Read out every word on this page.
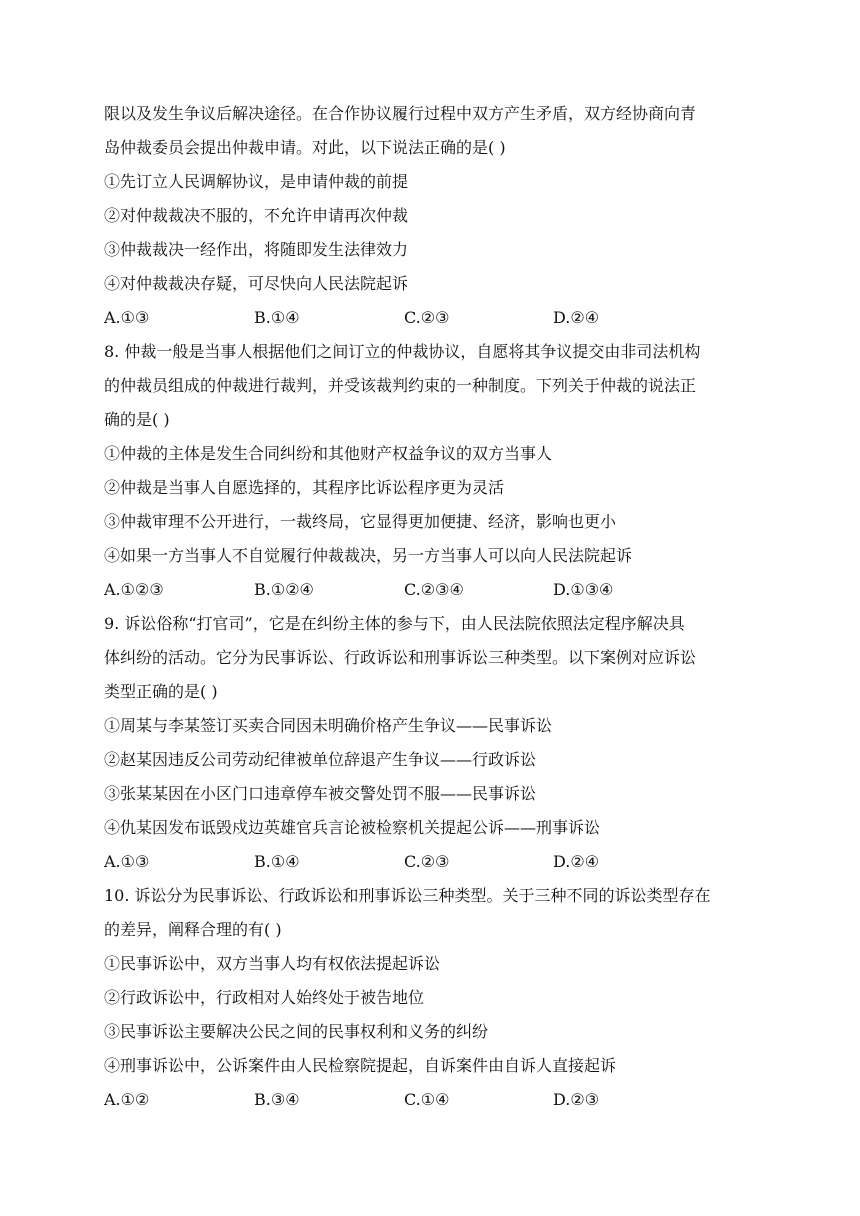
限以及发生争议后解决途径。在合作协议履行过程中双方产生矛盾，双方经协商向青
岛仲裁委员会提出仲裁申请。对此，以下说法正确的是( )
①先订立人民调解协议，是申请仲裁的前提
②对仲裁裁决不服的，不允许申请再次仲裁
③仲裁裁决一经作出，将随即发生法律效力
④对仲裁裁决存疑，可尽快向人民法院起诉
A.①③	B.①④	C.②③	D.②④
8. 仲裁一般是当事人根据他们之间订立的仲裁协议，自愿将其争议提交由非司法机构
的仲裁员组成的仲裁进行裁判，并受该裁判约束的一种制度。下列关于仲裁的说法正
确的是( )
①仲裁的主体是发生合同纠纷和其他财产权益争议的双方当事人
②仲裁是当事人自愿选择的，其程序比诉讼程序更为灵活
③仲裁审理不公开进行，一裁终局，它显得更加便捷、经济，影响也更小
④如果一方当事人不自觉履行仲裁裁决，另一方当事人可以向人民法院起诉
A.①②③	B.①②④	C.②③④	D.①③④
9. 诉讼俗称“打官司”，它是在纠纷主体的参与下，由人民法院依照法定程序解决具
体纠纷的活动。它分为民事诉讼、行政诉讼和刑事诉讼三种类型。以下案例对应诉讼
类型正确的是( )
①周某与李某签订买卖合同因未明确价格产生争议——民事诉讼
②赵某因违反公司劳动纪律被单位辞退产生争议——行政诉讼
③张某某因在小区门口违章停车被交警处罚不服——民事诉讼
④仇某因发布诋毁戍边英雄官兵言论被检察机关提起公诉——刑事诉讼
A.①③	B.①④	C.②③	D.②④
10. 诉讼分为民事诉讼、行政诉讼和刑事诉讼三种类型。关于三种不同的诉讼类型存在
的差异，阐释合理的有( )
①民事诉讼中，双方当事人均有权依法提起诉讼
②行政诉讼中，行政相对人始终处于被告地位
③民事诉讼主要解决公民之间的民事权利和义务的纠纷
④刑事诉讼中，公诉案件由人民检察院提起，自诉案件由自诉人直接起诉
A.①②	B.③④	C.①④	D.②③
